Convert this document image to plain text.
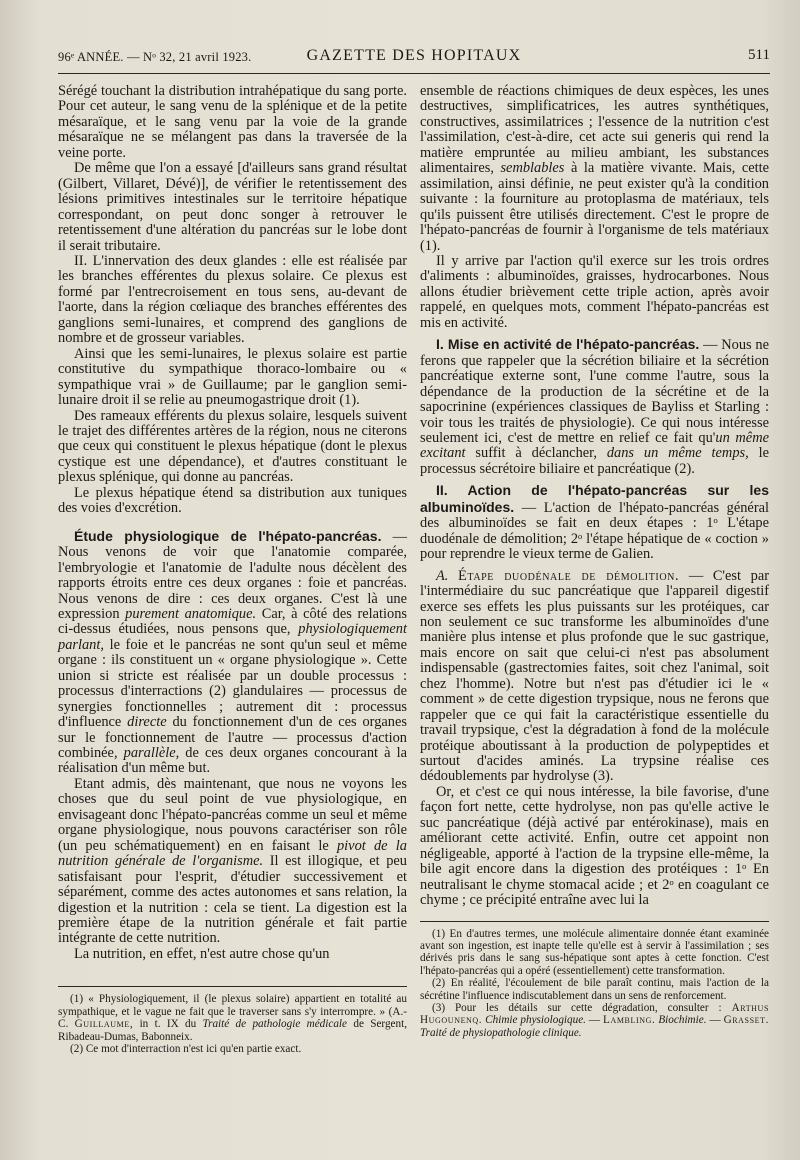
96ᵉ ANNÉE. — Nᵒ 32, 21 avril 1923.	GAZETTE DES HOPITAUX	511

Sérégé touchant la distribution intrahépatique du sang porte. Pour cet auteur, le sang venu de la splénique et de la petite mésaraïque, et le sang venu par la voie de la grande mésaraïque ne se mélangent pas dans la traversée de la veine porte.

De même que l'on a essayé [d'ailleurs sans grand résultat (Gilbert, Villaret, Dévé)], de vérifier le retentissement des lésions primitives intestinales sur le territoire hépatique correspondant, on peut donc songer à retrouver le retentissement d'une altération du pancréas sur le lobe dont il serait tributaire.

II. L'innervation des deux glandes : elle est réalisée par les branches efférentes du plexus solaire. Ce plexus est formé par l'entrecroisement en tous sens, au-devant de l'aorte, dans la région cœliaque des branches efférentes des ganglions semi-lunaires, et comprend des ganglions de nombre et de grosseur variables.

Ainsi que les semi-lunaires, le plexus solaire est partie constitutive du sympathique thoraco-lombaire ou « sympathique vrai » de Guillaume; par le ganglion semi-lunaire droit il se relie au pneumogastrique droit (1).

Des rameaux efférents du plexus solaire, lesquels suivent le trajet des différentes artères de la région, nous ne citerons que ceux qui constituent le plexus hépatique (dont le plexus cystique est une dépendance), et d'autres constituant le plexus splénique, qui donne au pancréas.

Le plexus hépatique étend sa distribution aux tuniques des voies d'excrétion.

Étude physiologique de l'hépato-pancréas. — Nous venons de voir que l'anatomie comparée, l'embryologie et l'anatomie de l'adulte nous décèlent des rapports étroits entre ces deux organes : foie et pancréas. Nous venons de dire : ces deux organes. C'est là une expression purement anatomique. Car, à côté des relations ci-dessus étudiées, nous pensons que, physiologiquement parlant, le foie et le pancréas ne sont qu'un seul et même organe : ils constituent un « organe physiologique ». Cette union si stricte est réalisée par un double processus : processus d'interractions (2) glandulaires — processus de synergies fonctionnelles ; autrement dit : processus d'influence directe du fonctionnement d'un de ces organes sur le fonctionnement de l'autre — processus d'action combinée, parallèle, de ces deux organes concourant à la réalisation d'un même but.

Etant admis, dès maintenant, que nous ne voyons les choses que du seul point de vue physiologique, en envisageant donc l'hépato-pancréas comme un seul et même organe physiologique, nous pouvons caractériser son rôle (un peu schématiquement) en en faisant le pivot de la nutrition générale de l'organisme. Il est illogique, et peu satisfaisant pour l'esprit, d'étudier successivement et séparément, comme des actes autonomes et sans relation, la digestion et la nutrition : cela se tient. La digestion est la première étape de la nutrition générale et fait partie intégrante de cette nutrition.

La nutrition, en effet, n'est autre chose qu'un

(1) « Physiologiquement, il (le plexus solaire) appartient en totalité au sympathique, et le vague ne fait que le traverser sans s'y interrompre. » (A.-C. Guillaume, in t. IX du Traité de pathologie médicale de Sergent, Ribadeau-Dumas, Babonneix.

(2) Ce mot d'interraction n'est ici qu'en partie exact.

ensemble de réactions chimiques de deux espèces, les unes destructives, simplificatrices, les autres synthétiques, constructives, assimilatrices ; l'essence de la nutrition c'est l'assimilation, c'est-à-dire, cet acte sui generis qui rend la matière empruntée au milieu ambiant, les substances alimentaires, semblables à la matière vivante. Mais, cette assimilation, ainsi définie, ne peut exister qu'à la condition suivante : la fourniture au protoplasma de matériaux, tels qu'ils puissent être utilisés directement. C'est le propre de l'hépato-pancréas de fournir à l'organisme de tels matériaux (1).

Il y arrive par l'action qu'il exerce sur les trois ordres d'aliments : albuminoïdes, graisses, hydrocarbones. Nous allons étudier brièvement cette triple action, après avoir rappelé, en quelques mots, comment l'hépato-pancréas est mis en activité.

I. Mise en activité de l'hépato-pancréas. — Nous ne ferons que rappeler que la sécrétion biliaire et la sécrétion pancréatique externe sont, l'une comme l'autre, sous la dépendance de la production de la sécrétine et de la sapocrinine (expériences classiques de Bayliss et Starling : voir tous les traités de physiologie). Ce qui nous intéresse seulement ici, c'est de mettre en relief ce fait qu'un même excitant suffit à déclancher, dans un même temps, le processus sécrétoire biliaire et pancréatique (2).

II. Action de l'hépato-pancréas sur les albuminoïdes. — L'action de l'hépato-pancréas général des albuminoïdes se fait en deux étapes : 1ᵒ L'étape duodénale de démolition; 2ᵒ l'étape hépatique de « coction » pour reprendre le vieux terme de Galien.

A. Étape duodénale de démolition. — C'est par l'intermédiaire du suc pancréatique que l'appareil digestif exerce ses effets les plus puissants sur les protéiques, car non seulement ce suc transforme les albuminoïdes d'une manière plus intense et plus profonde que le suc gastrique, mais encore on sait que celui-ci n'est pas absolument indispensable (gastrectomies faites, soit chez l'animal, soit chez l'homme). Notre but n'est pas d'étudier ici le « comment » de cette digestion trypsique, nous ne ferons que rappeler que ce qui fait la caractéristique essentielle du travail trypsique, c'est la dégradation à fond de la molécule protéique aboutissant à la production de polypeptides et surtout d'acides aminés. La trypsine réalise ces dédoublements par hydrolyse (3).

Or, et c'est ce qui nous intéresse, la bile favorise, d'une façon fort nette, cette hydrolyse, non pas qu'elle active le suc pancréatique (déjà activé par entérokinase), mais en améliorant cette activité. Enfin, outre cet appoint non négligeable, apporté à l'action de la trypsine elle-même, la bile agit encore dans la digestion des protéiques : 1ᵒ En neutralisant le chyme stomacal acide ; et 2ᵒ en coagulant ce chyme ; ce précipité entraîne avec lui la

(1) En d'autres termes, une molécule alimentaire donnée étant examinée avant son ingestion, est inapte telle qu'elle est à servir à l'assimilation ; ses dérivés pris dans le sang sus-hépatique sont aptes à cette fonction. C'est l'hépato-pancréas qui a opéré (essentiellement) cette transformation.

(2) En réalité, l'écoulement de bile paraît continu, mais l'action de la sécrétine l'influence indiscutablement dans un sens de renforcement.

(3) Pour les détails sur cette dégradation, consulter : Arthus Hugounenq. Chimie physiologique. — Lambling. Biochimie. — Grasset. Traité de physiopathologie clinique.
